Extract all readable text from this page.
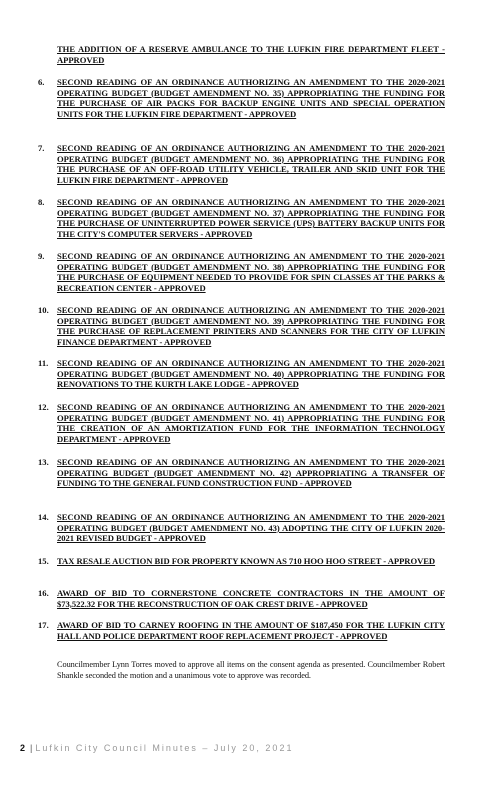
THE ADDITION OF A RESERVE AMBULANCE TO THE LUFKIN FIRE DEPARTMENT FLEET - APPROVED
6.	SECOND READING OF AN ORDINANCE AUTHORIZING AN AMENDMENT TO THE 2020-2021 OPERATING BUDGET (BUDGET AMENDMENT NO. 35) APPROPRIATING THE FUNDING FOR THE PURCHASE OF AIR PACKS FOR BACKUP ENGINE UNITS AND SPECIAL OPERATION UNITS FOR THE LUFKIN FIRE DEPARTMENT - APPROVED
7.	SECOND READING OF AN ORDINANCE AUTHORIZING AN AMENDMENT TO THE 2020-2021 OPERATING BUDGET (BUDGET AMENDMENT NO. 36) APPROPRIATING THE FUNDING FOR THE PURCHASE OF AN OFF-ROAD UTILITY VEHICLE, TRAILER AND SKID UNIT FOR THE LUFKIN FIRE DEPARTMENT - APPROVED
8.	SECOND READING OF AN ORDINANCE AUTHORIZING AN AMENDMENT TO THE 2020-2021 OPERATING BUDGET (BUDGET AMENDMENT NO. 37) APPROPRIATING THE FUNDING FOR THE PURCHASE OF UNINTERRUPTED POWER SERVICE (UPS) BATTERY BACKUP UNITS FOR THE CITY'S COMPUTER SERVERS - APPROVED
9.	SECOND READING OF AN ORDINANCE AUTHORIZING AN AMENDMENT TO THE 2020-2021 OPERATING BUDGET (BUDGET AMENDMENT NO. 38) APPROPRIATING THE FUNDING FOR THE PURCHASE OF EQUIPMENT NEEDED TO PROVIDE FOR SPIN CLASSES AT THE PARKS & RECREATION CENTER - APPROVED
10. SECOND READING OF AN ORDINANCE AUTHORIZING AN AMENDMENT TO THE 2020-2021 OPERATING BUDGET (BUDGET AMENDMENT NO. 39) APPROPRIATING THE FUNDING FOR THE PURCHASE OF REPLACEMENT PRINTERS AND SCANNERS FOR THE CITY OF LUFKIN FINANCE DEPARTMENT - APPROVED
11.	SECOND READING OF AN ORDINANCE AUTHORIZING AN AMENDMENT TO THE 2020-2021 OPERATING BUDGET (BUDGET AMENDMENT NO. 40) APPROPRIATING THE FUNDING FOR RENOVATIONS TO THE KURTH LAKE LODGE - APPROVED
12. SECOND READING OF AN ORDINANCE AUTHORIZING AN AMENDMENT TO THE 2020-2021 OPERATING BUDGET (BUDGET AMENDMENT NO. 41) APPROPRIATING THE FUNDING FOR THE CREATION OF AN AMORTIZATION FUND FOR THE INFORMATION TECHNOLOGY DEPARTMENT - APPROVED
13. SECOND READING OF AN ORDINANCE AUTHORIZING AN AMENDMENT TO THE 2020-2021 OPERATING BUDGET (BUDGET AMENDMENT NO. 42) APPROPRIATING A TRANSFER OF FUNDING TO THE GENERAL FUND CONSTRUCTION FUND - APPROVED
14. SECOND READING OF AN ORDINANCE AUTHORIZING AN AMENDMENT TO THE 2020-2021 OPERATING BUDGET (BUDGET AMENDMENT NO. 43) ADOPTING THE CITY OF LUFKIN 2020-2021 REVISED BUDGET - APPROVED
15. TAX RESALE AUCTION BID FOR PROPERTY KNOWN AS 710 HOO HOO STREET - APPROVED
16. AWARD OF BID TO CORNERSTONE CONCRETE CONTRACTORS IN THE AMOUNT OF $73,522.32 FOR THE RECONSTRUCTION OF OAK CREST DRIVE - APPROVED
17. AWARD OF BID TO CARNEY ROOFING IN THE AMOUNT OF $187,450 FOR THE LUFKIN CITY HALL AND POLICE DEPARTMENT ROOF REPLACEMENT PROJECT - APPROVED
Councilmember Lynn Torres moved to approve all items on the consent agenda as presented. Councilmember Robert Shankle seconded the motion and a unanimous vote to approve was recorded.
2 | Lufkin City Council Minutes – July 20, 2021
